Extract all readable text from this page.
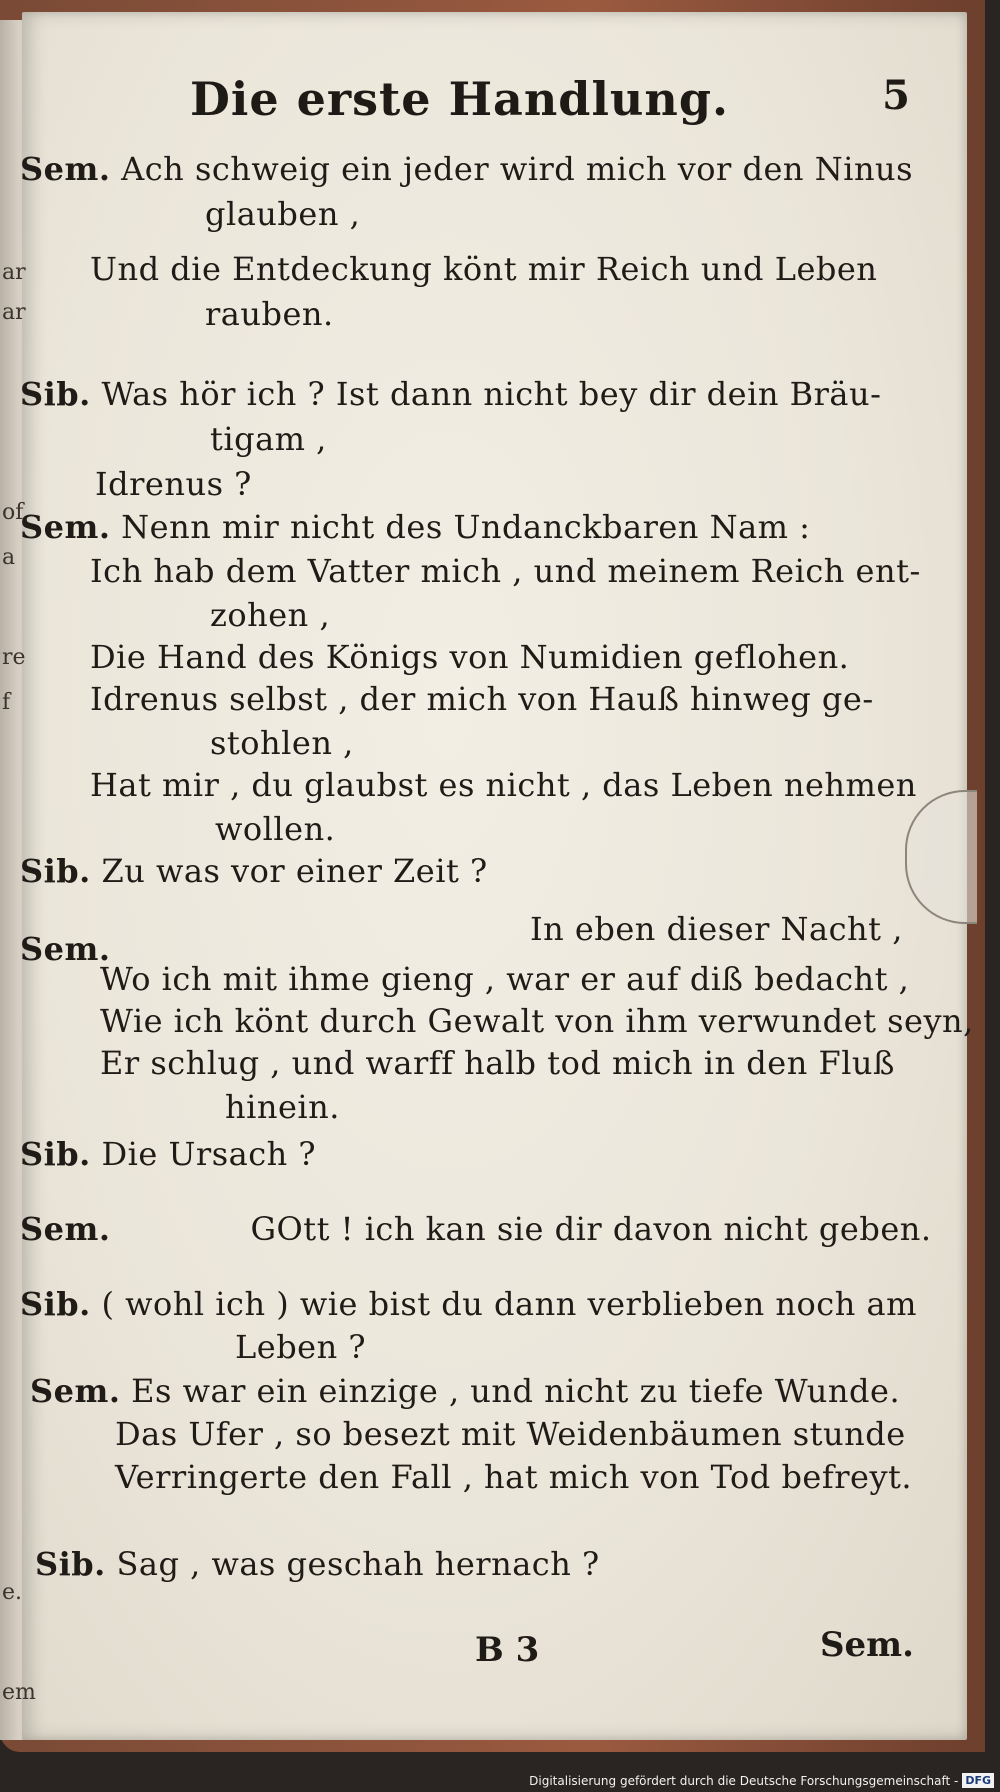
ar
ar
of
a
re
f
e.
em
Die erste Handlung.	5
Sem. Ach schweig ein jeder wird mich vor den Ninus
glauben ,
Und die Entdeckung könt mir Reich und Leben
rauben.
Sib. Was hör ich ? Ist dann nicht bey dir dein Bräu-
tigam ,
Idrenus ?
Sem. Nenn mir nicht des Undanckbaren Nam :
Ich hab dem Vatter mich , und meinem Reich ent-
zohen ,
Die Hand des Königs von Numidien geflohen.
Idrenus selbst , der mich von Hauß hinweg ge-
stohlen ,
Hat mir , du glaubst es nicht , das Leben nehmen
wollen.
Sib. Zu was vor einer Zeit ?
In eben dieser Nacht ,
Sem.
Wo ich mit ihme gieng , war er auf diß bedacht ,
Wie ich könt durch Gewalt von ihm verwundet seyn,
Er schlug , und warff halb tod mich in den Fluß
hinein.
Sib. Die Ursach ?
Sem.	GOtt ! ich kan sie dir davon nicht geben.
Sib. ( wohl ich ) wie bist du dann verblieben noch am
Leben ?
Sem. Es war ein einzige , und nicht zu tiefe Wunde.
Das Ufer , so besezt mit Weidenbäumen stunde
Verringerte den Fall , hat mich von Tod befreyt.
Sib. Sag , was geschah hernach ?
B 3	Sem.
Digitalisierung gefördert durch die Deutsche Forschungsgemeinschaft - DFG
